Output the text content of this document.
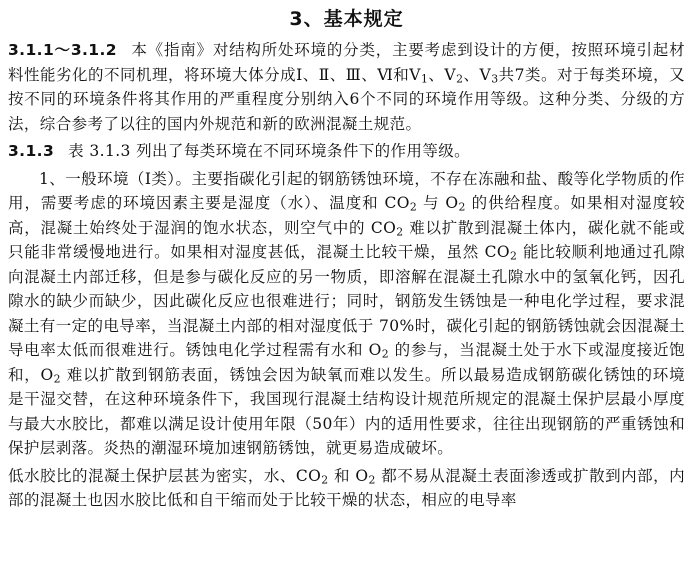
3、基本规定

3.1.1～3.1.2 本《指南》对结构所处环境的分类，主要考虑到设计的方便，按照环境引起材料性能劣化的不同机理，将环境大体分成Ⅰ、Ⅱ、Ⅲ、Ⅵ和$Ⅴ_1$、$Ⅴ_2$、$Ⅴ_3$共7类。对于每类环境，又按不同的环境条件将其作用的严重程度分别纳入6个不同的环境作用等级。这种分类、分级的方法，综合参考了以往的国内外规范和新的欧洲混凝土规范。

3.1.3 表 3.1.3 列出了每类环境在不同环境条件下的作用等级。

1、一般环境（Ⅰ类）。主要指碳化引起的钢筋锈蚀环境，不存在冻融和盐、酸等化学物质的作用，需要考虑的环境因素主要是湿度（水）、温度和 $CO_2$ 与 $O_2$ 的供给程度。如果相对湿度较高，混凝土始终处于湿润的饱水状态，则空气中的 $CO_2$ 难以扩散到混凝土体内，碳化就不能或只能非常缓慢地进行。如果相对湿度甚低，混凝土比较干燥，虽然 $CO_2$ 能比较顺利地通过孔隙向混凝土内部迁移，但是参与碳化反应的另一物质，即溶解在混凝土孔隙水中的氢氧化钙，因孔隙水的缺少而缺少，因此碳化反应也很难进行；同时，钢筋发生锈蚀是一种电化学过程，要求混凝土有一定的电导率，当混凝土内部的相对湿度低于 70%时，碳化引起的钢筋锈蚀就会因混凝土导电率太低而很难进行。锈蚀电化学过程需有水和 $O_2$ 的参与，当混凝土处于水下或湿度接近饱和，$O_2$ 难以扩散到钢筋表面，锈蚀会因为缺氧而难以发生。所以最易造成钢筋碳化锈蚀的环境是干湿交替，在这种环境条件下，我国现行混凝土结构设计规范所规定的混凝土保护层最小厚度与最大水胶比，都难以满足设计使用年限（50年）内的适用性要求，往往出现钢筋的严重锈蚀和保护层剥落。炎热的潮湿环境加速钢筋锈蚀，就更易造成破坏。

低水胶比的混凝土保护层甚为密实，水、$CO_2$ 和 $O_2$ 都不易从混凝土表面渗透或扩散到内部，内部的混凝土也因水胶比低和自干缩而处于比较干燥的状态，相应的电导率
